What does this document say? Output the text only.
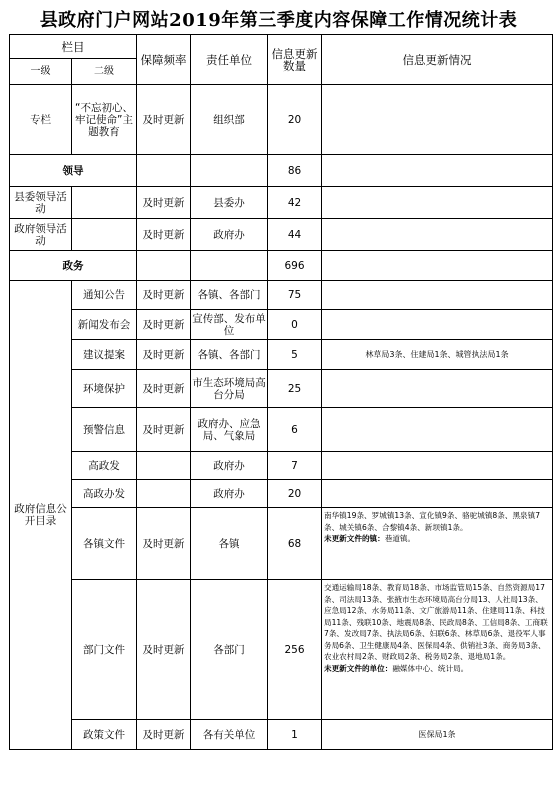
县政府门户网站2019年第三季度内容保障工作情况统计表
栏目		保障频率	责任单位	信息更新数量	信息更新情况
一级	二级				
专栏	“不忘初心、牢记使命”主题教育	及时更新	组织部	20	
领导				86	
县委领导活动		及时更新	县委办	42	
政府领导活动		及时更新	政府办	44	
政务				696	
政府信息公开目录	通知公告	及时更新	各镇、各部门	75	
	新闻发布会	及时更新	宣传部、发布单位	0	
	建议提案	及时更新	各镇、各部门	5	林草局3条、住建局1条、城管执法局1条
	环境保护	及时更新	市生态环境局高台分局	25	
	预警信息	及时更新	政府办、应急局、气象局	6	
	高政发		政府办	7	
	高政办发		政府办	20	
	各镇文件	及时更新	各镇	68	南华镇19条、罗城镇13条、宣化镇9条、骆驼城镇8条、黑泉镇7条、城关镇6条、合黎镇4条、新坝镇1条。
未更新文件的镇：巷道镇。
	部门文件	及时更新	各部门	256	交通运输局18条、教育局18条、市场监管局15条、自然资源局17条、司法局13条、张掖市生态环境局高台分局13、人社局13条、应急局12条、水务局11条、文广旅游局11条、住建局11条、科技局11条、残联10条、地震局8条、民政局8条、工信局8条、工商联7条、发改局7条、执法局6条、妇联6条、林草局6条、退役军人事务局6条、卫生健康局4条、医保局4条、供销社3条、商务局3条、农业农村局2条、财政局2条、税务局2条、退地局1条。
未更新文件的单位：融媒体中心、统计局。
	政策文件	及时更新	各有关单位	1	医保局1条
